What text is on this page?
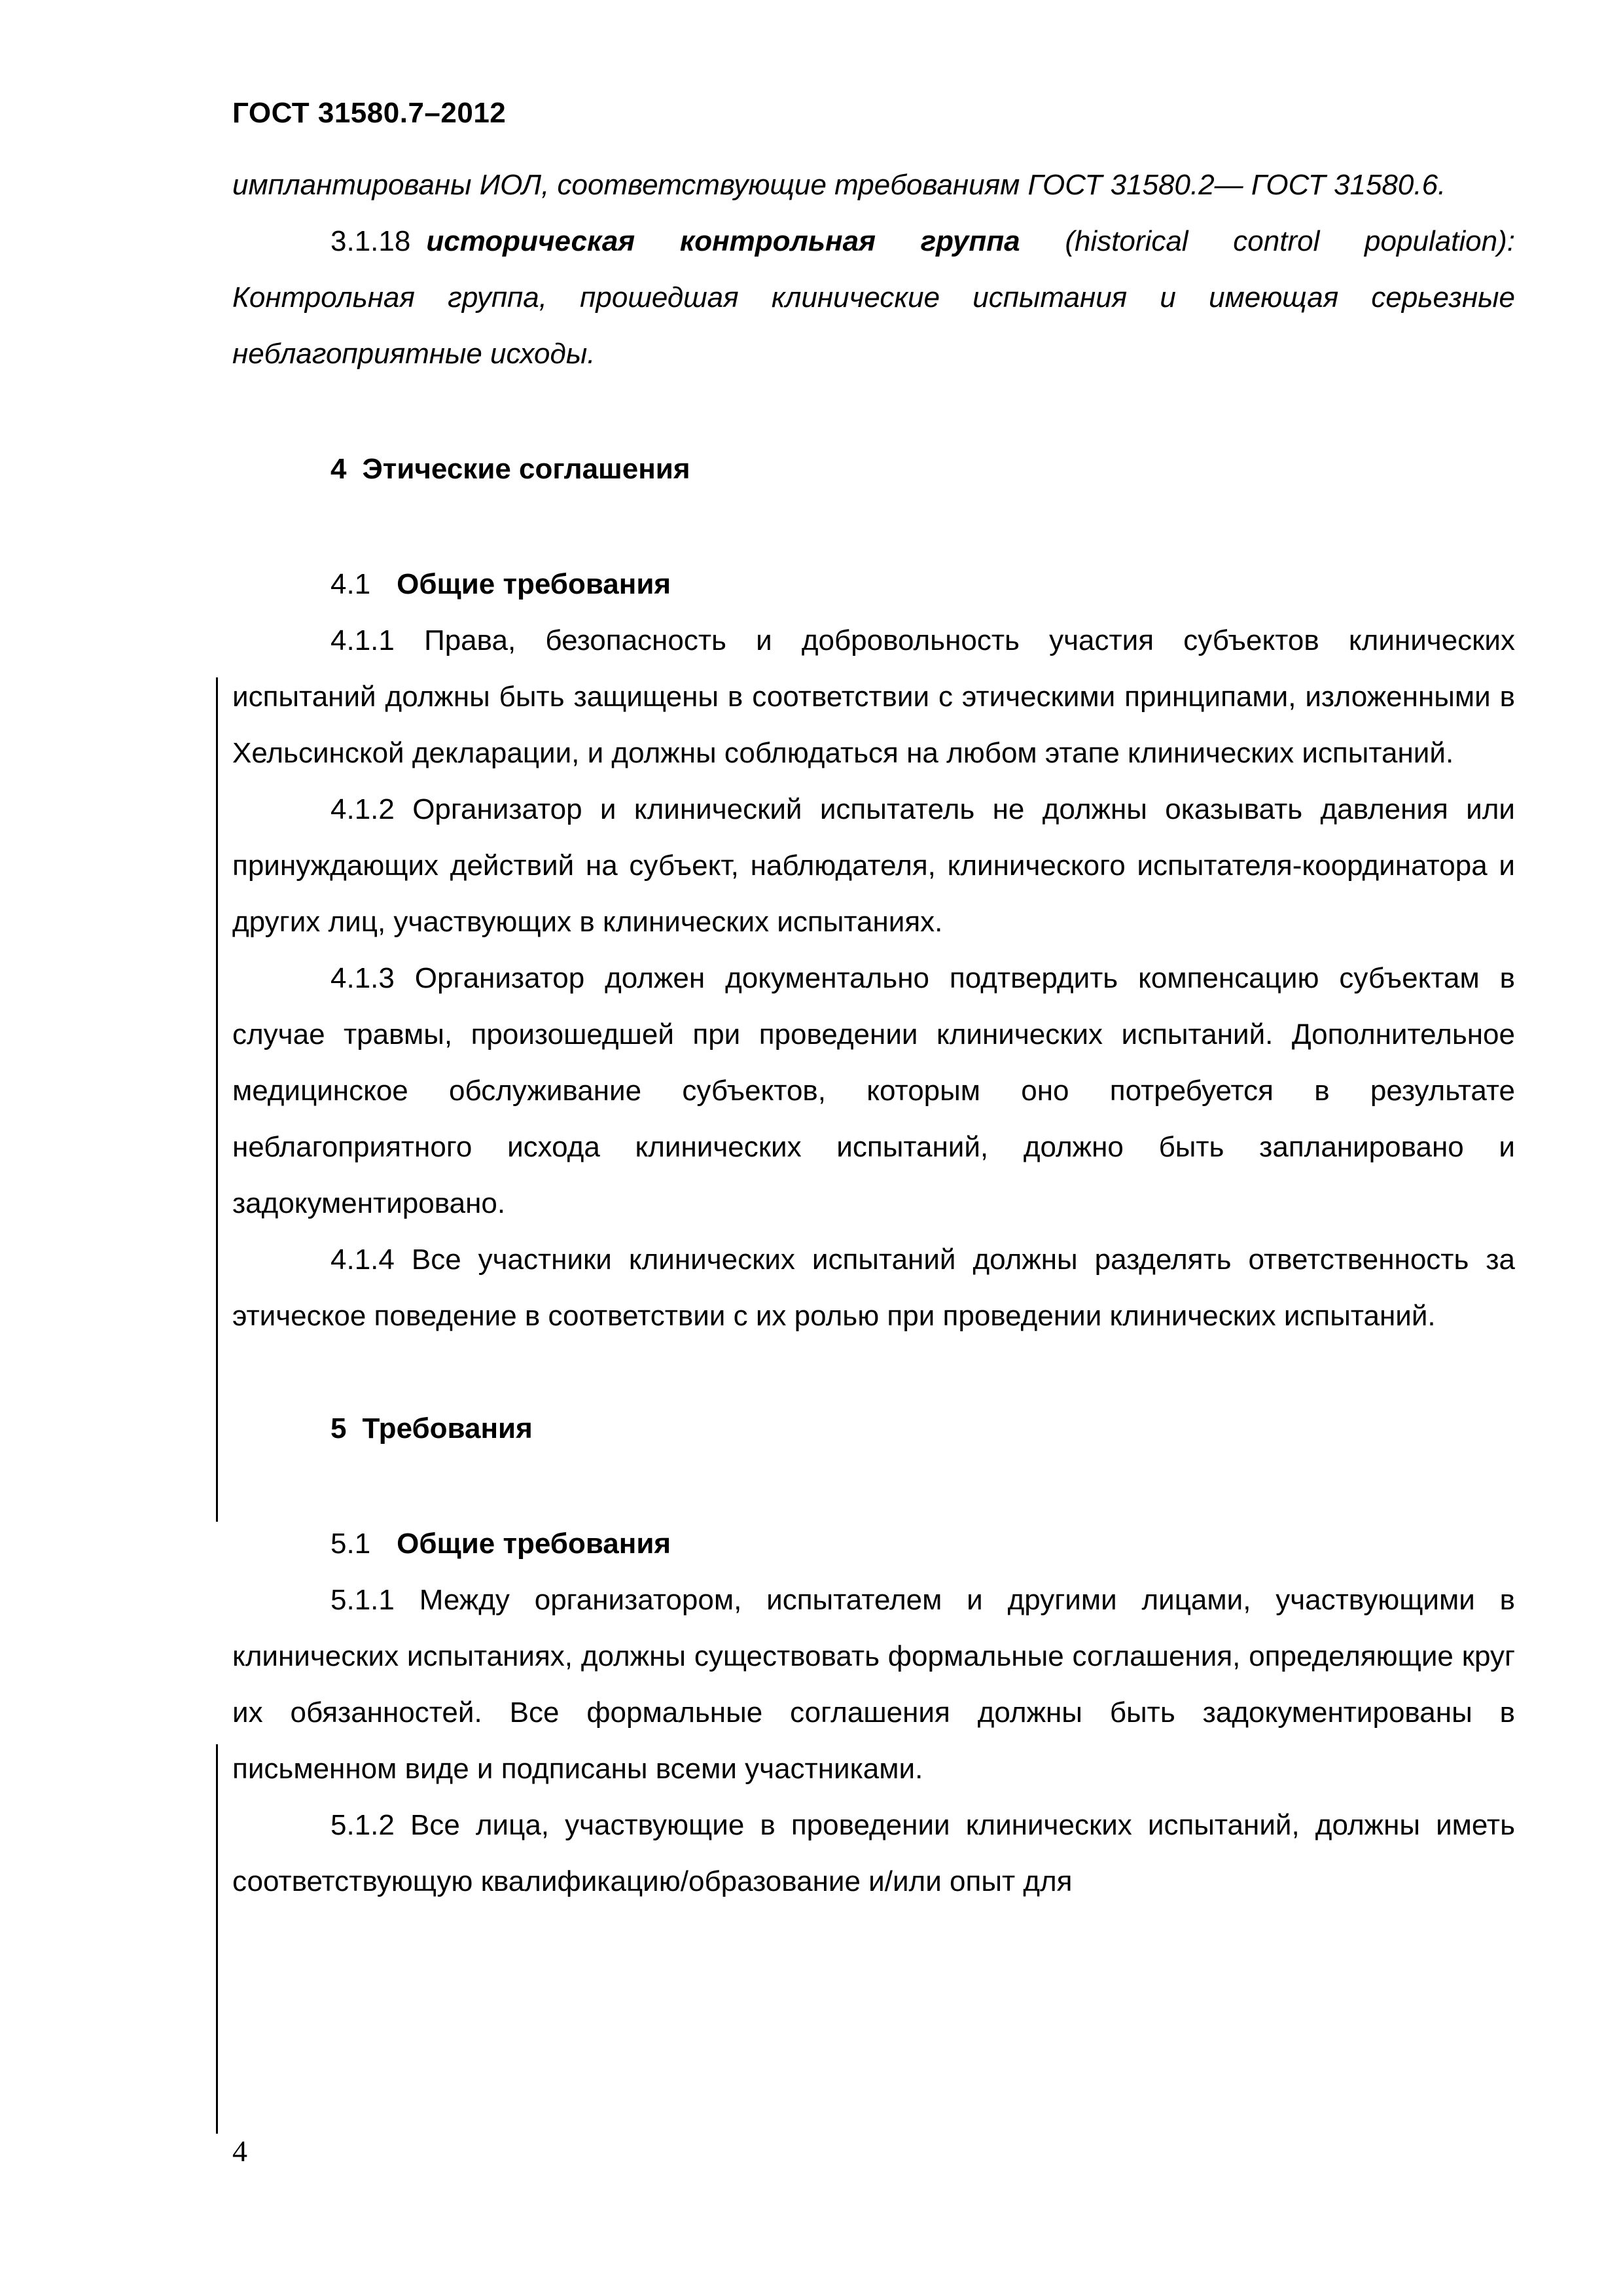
ГОСТ 31580.7–2012

имплантированы ИОЛ, соответствующие требованиям ГОСТ 31580.2— ГОСТ 31580.6.

3.1.18 историческая контрольная группа (historical control population): Контрольная группа, прошедшая клинические испытания и имеющая серьезные неблагоприятные исходы.

4 Этические соглашения

4.1 Общие требования

4.1.1 Права, безопасность и добровольность участия субъектов клинических испытаний должны быть защищены в соответствии с этическими принципами, изложенными в Хельсинской декларации, и должны соблюдаться на любом этапе клинических испытаний.

4.1.2 Организатор и клинический испытатель не должны оказывать давления или принуждающих действий на субъект, наблюдателя, клинического испытателя-координатора и других лиц, участвующих в клинических испытаниях.

4.1.3 Организатор должен документально подтвердить компенсацию субъектам в случае травмы, произошедшей при проведении клинических испытаний. Дополнительное медицинское обслуживание субъектов, которым оно потребуется в результате неблагоприятного исхода клинических испытаний, должно быть запланировано и задокументировано.

4.1.4 Все участники клинических испытаний должны разделять ответственность за этическое поведение в соответствии с их ролью при проведении клинических испытаний.

5 Требования

5.1 Общие требования

5.1.1 Между организатором, испытателем и другими лицами, участвующими в клинических испытаниях, должны существовать формальные соглашения, определяющие круг их обязанностей. Все формальные соглашения должны быть задокументированы в письменном виде и подписаны всеми участниками.

5.1.2 Все лица, участвующие в проведении клинических испытаний, должны иметь соответствующую квалификацию/образование и/или опыт для

4
